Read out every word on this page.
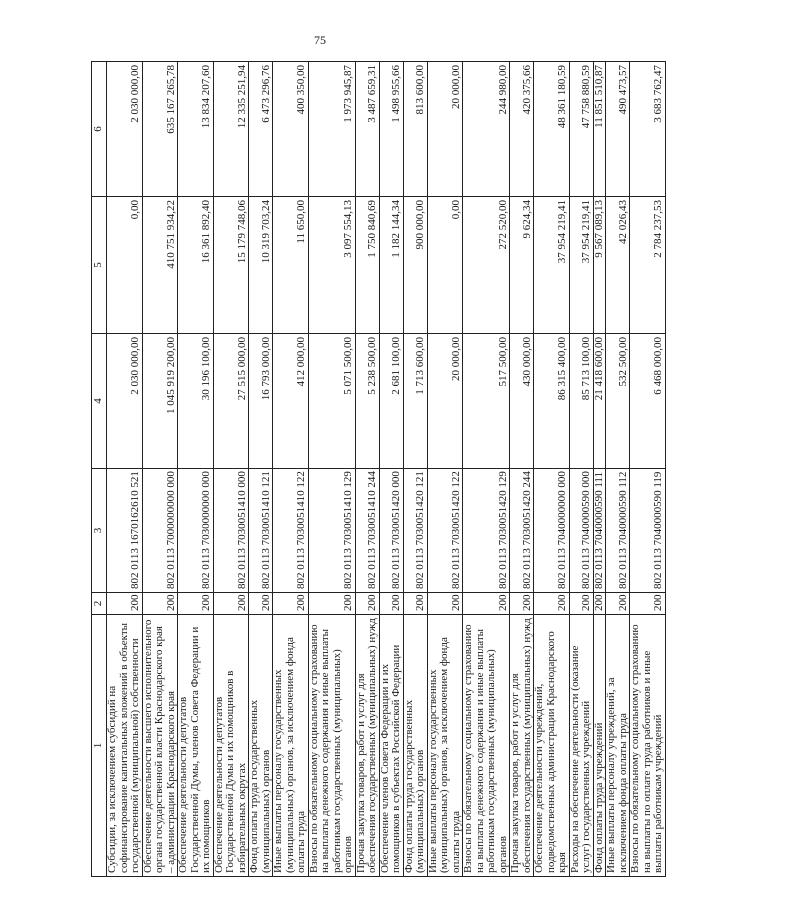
75
1	2	3	4	5	6
Субсидии, за исключением субсидий на софинансирование капитальных вложений в объекты государственной (муниципальной) собственности	200	802 0113 1670162610 521	2 030 000,00	0,00	2 030 000,00
Обеспечение деятельности высшего исполнительного органа государственной власти Краснодарского края – администрации Краснодарского края	200	802 0113 7000000000 000	1 045 919 200,00	410 751 934,22	635 167 265,78
Обеспечение деятельности депутатов Государственной Думы, членов Совета Федерации и их помощников	200	802 0113 7030000000 000	30 196 100,00	16 361 892,40	13 834 207,60
Обеспечение деятельности депутатов Государственной Думы и их помощников в избирательных округах	200	802 0113 7030051410 000	27 515 000,00	15 179 748,06	12 335 251,94
Фонд оплаты труда государственных (муниципальных) органов	200	802 0113 7030051410 121	16 793 000,00	10 319 703,24	6 473 296,76
Иные выплаты персоналу государственных (муниципальных) органов, за исключением фонда оплаты труда	200	802 0113 7030051410 122	412 000,00	11 650,00	400 350,00
Взносы по обязательному социальному страхованию на выплаты денежного содержания и иные выплаты работникам государственных (муниципальных) органов	200	802 0113 7030051410 129	5 071 500,00	3 097 554,13	1 973 945,87
Прочая закупка товаров, работ и услуг для обеспечения государственных (муниципальных) нужд	200	802 0113 7030051410 244	5 238 500,00	1 750 840,69	3 487 659,31
Обеспечение членов Совета Федерации и их помощников в субъектах Российской Федерации	200	802 0113 7030051420 000	2 681 100,00	1 182 144,34	1 498 955,66
Фонд оплаты труда государственных (муниципальных) органов	200	802 0113 7030051420 121	1 713 600,00	900 000,00	813 600,00
Иные выплаты персоналу государственных (муниципальных) органов, за исключением фонда оплаты труда	200	802 0113 7030051420 122	20 000,00	0,00	20 000,00
Взносы по обязательному социальному страхованию на выплаты денежного содержания и иные выплаты работникам государственных (муниципальных) органов	200	802 0113 7030051420 129	517 500,00	272 520,00	244 980,00
Прочая закупка товаров, работ и услуг для обеспечения государственных (муниципальных) нужд	200	802 0113 7030051420 244	430 000,00	9 624,34	420 375,66
Обеспечение деятельности учреждений, подведомственных администрации Краснодарского края	200	802 0113 7040000000 000	86 315 400,00	37 954 219,41	48 361 180,59
Расходы на обеспечение деятельности (оказание услуг) государственных учреждений	200	802 0113 7040000590 000	85 713 100,00	37 954 219,41	47 758 880,59
Фонд оплаты труда учреждений	200	802 0113 7040000590 111	21 418 600,00	9 567 089,13	11 851 510,87
Иные выплаты персоналу учреждений, за исключением фонда оплаты труда	200	802 0113 7040000590 112	532 500,00	42 026,43	490 473,57
Взносы по обязательному социальному страхованию на выплаты по оплате труда работников и иные выплаты работникам учреждений	200	802 0113 7040000590 119	6 468 000,00	2 784 237,53	3 683 762,47
